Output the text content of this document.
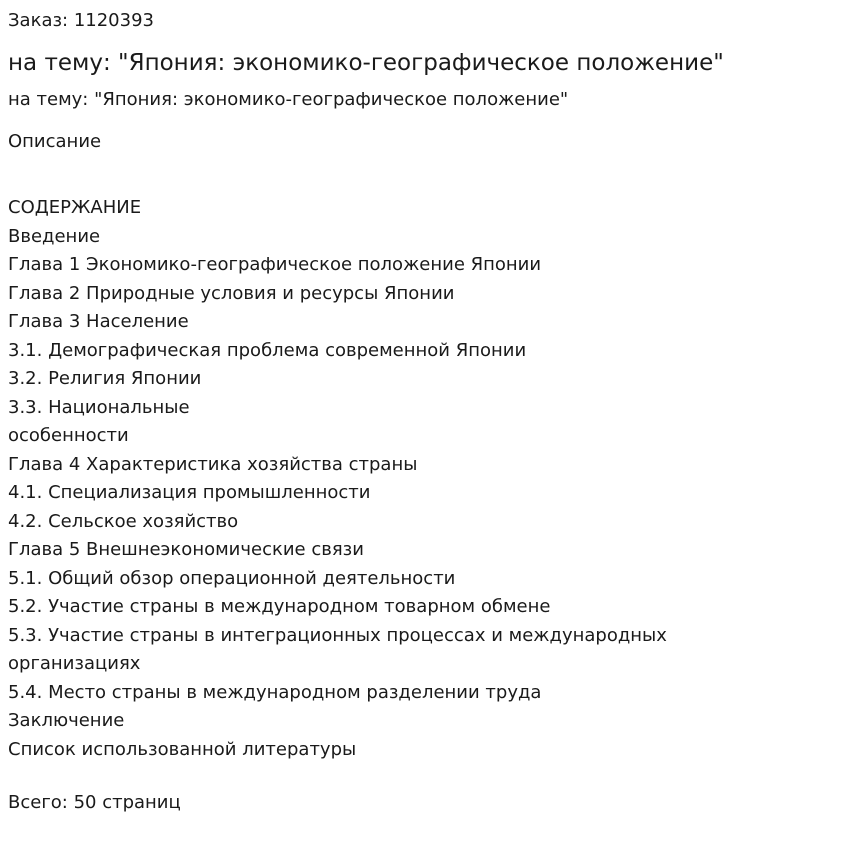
Заказ: 1120393
на тему: "Япония: экономико-географическое положение"
на тему: "Япония: экономико-географическое положение"
Описание
СОДЕРЖАНИЕ
Введение
Глава 1 Экономико-географическое положение Японии
Глава 2 Природные условия и ресурсы Японии
Глава 3 Население
3.1. Демографическая проблема современной Японии
3.2. Религия Японии
3.3. Национальные
особенности
Глава 4 Характеристика хозяйства страны
4.1. Специализация промышленности
4.2. Сельское хозяйство
Глава 5 Внешнеэкономические связи
5.1. Общий обзор операционной деятельности
5.2. Участие страны в международном товарном обмене
5.3. Участие страны в интеграционных процессах и международных
организациях
5.4. Место страны в международном разделении труда
Заключение
Список использованной литературы
Всего: 50 страниц
